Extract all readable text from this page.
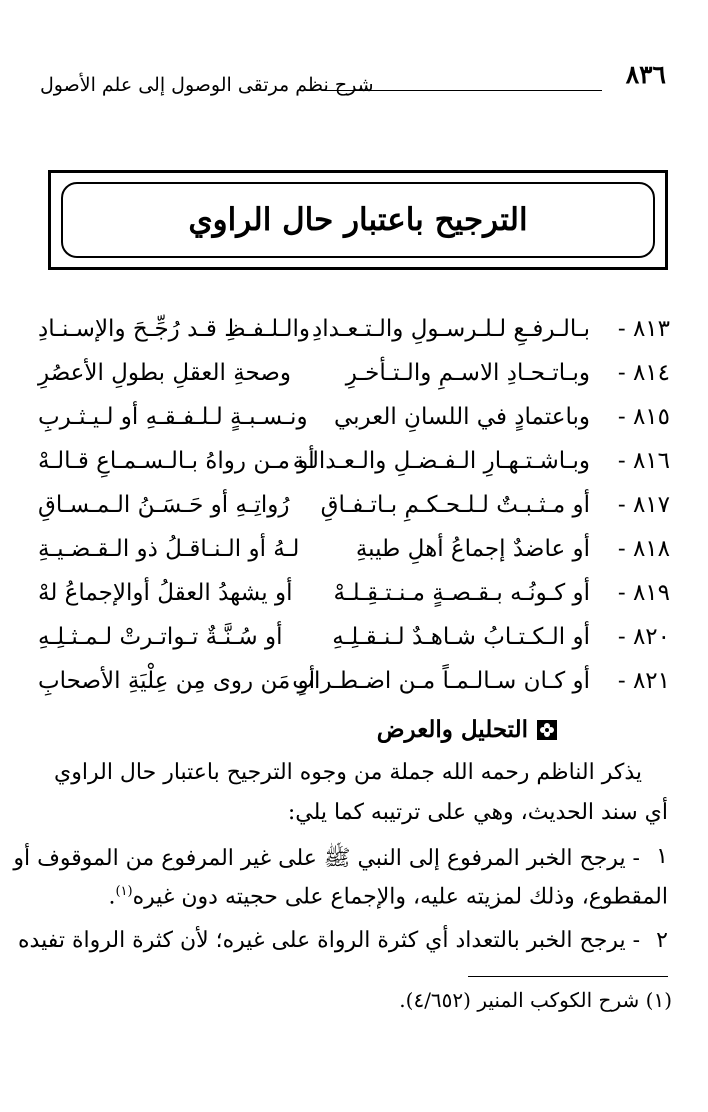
٨٣٦
شرح نظم مرتقى الوصول إلى علم الأصول
الترجيح باعتبار حال الراوي
٨١٣ -
بـالـرفـعِ لـلـرسـولِ والـتـعـدادِ
والـلـفـظِ قـد رُجِّـحَ والإسـنـادِ
٨١٤ -
وبـاتـحـادِ الاسـمِ والـتـأخـرِ
وصحةِ العقلِ بطولِ الأعصُرِ
٨١٥ -
وباعتمادٍ في اللسانِ العربي
ونـسـبـةٍ لـلـفـقـهِ أو لـيـثـربِ
٨١٦ -
وبـاشـتـهـارِ الـفـضـلِ والـعـدالـة
أو مـن رواهُ بـالـسـمـاعِ قـالـهْ
٨١٧ -
أو مـثـبـتٌ لـلـحـكـمِ بـاتـفـاقِ
رُواتِـهِ أو حَـسَـنُ الـمـسـاقِ
٨١٨ -
أو عاضدٌ إجماعُ أهلِ طيبةِ
لـهُ أو الـنـاقـلُ ذو الـقـضـيـةِ
٨١٩ -
أو كـونُـه بـقـصـةٍ مـنـتـقِـلـهْ
أو يشهدُ العقلُ أوالإجماعُ لهْ
٨٢٠ -
أو الـكـتـابُ شـاهـدٌ لـنـقـلِـهِ
أو سُـنَّـةٌ تـواتـرتْ لـمـثـلِـهِ
٨٢١ -
أو كـان سـالـمـاً مـن اضـطـرابِ
أو مَن روى مِن عِلْيَةِ الأصحابِ
التحليل والعرض
يذكر الناظم رحمه الله جملة من وجوه الترجيح باعتبار حال الراوي
أي سند الحديث، وهي على ترتيبه كما يلي:
١
- يرجح الخبر المرفوع إلى النبي ﷺ على غير المرفوع من الموقوف أو
المقطوع، وذلك لمزيته عليه، والإجماع على حجيته دون غيره$^{(١)}$.
٢
- يرجح الخبر بالتعداد أي كثرة الرواة على غيره؛ لأن كثرة الرواة تفيده
(١) شرح الكوكب المنير (٤/٦٥٢).
